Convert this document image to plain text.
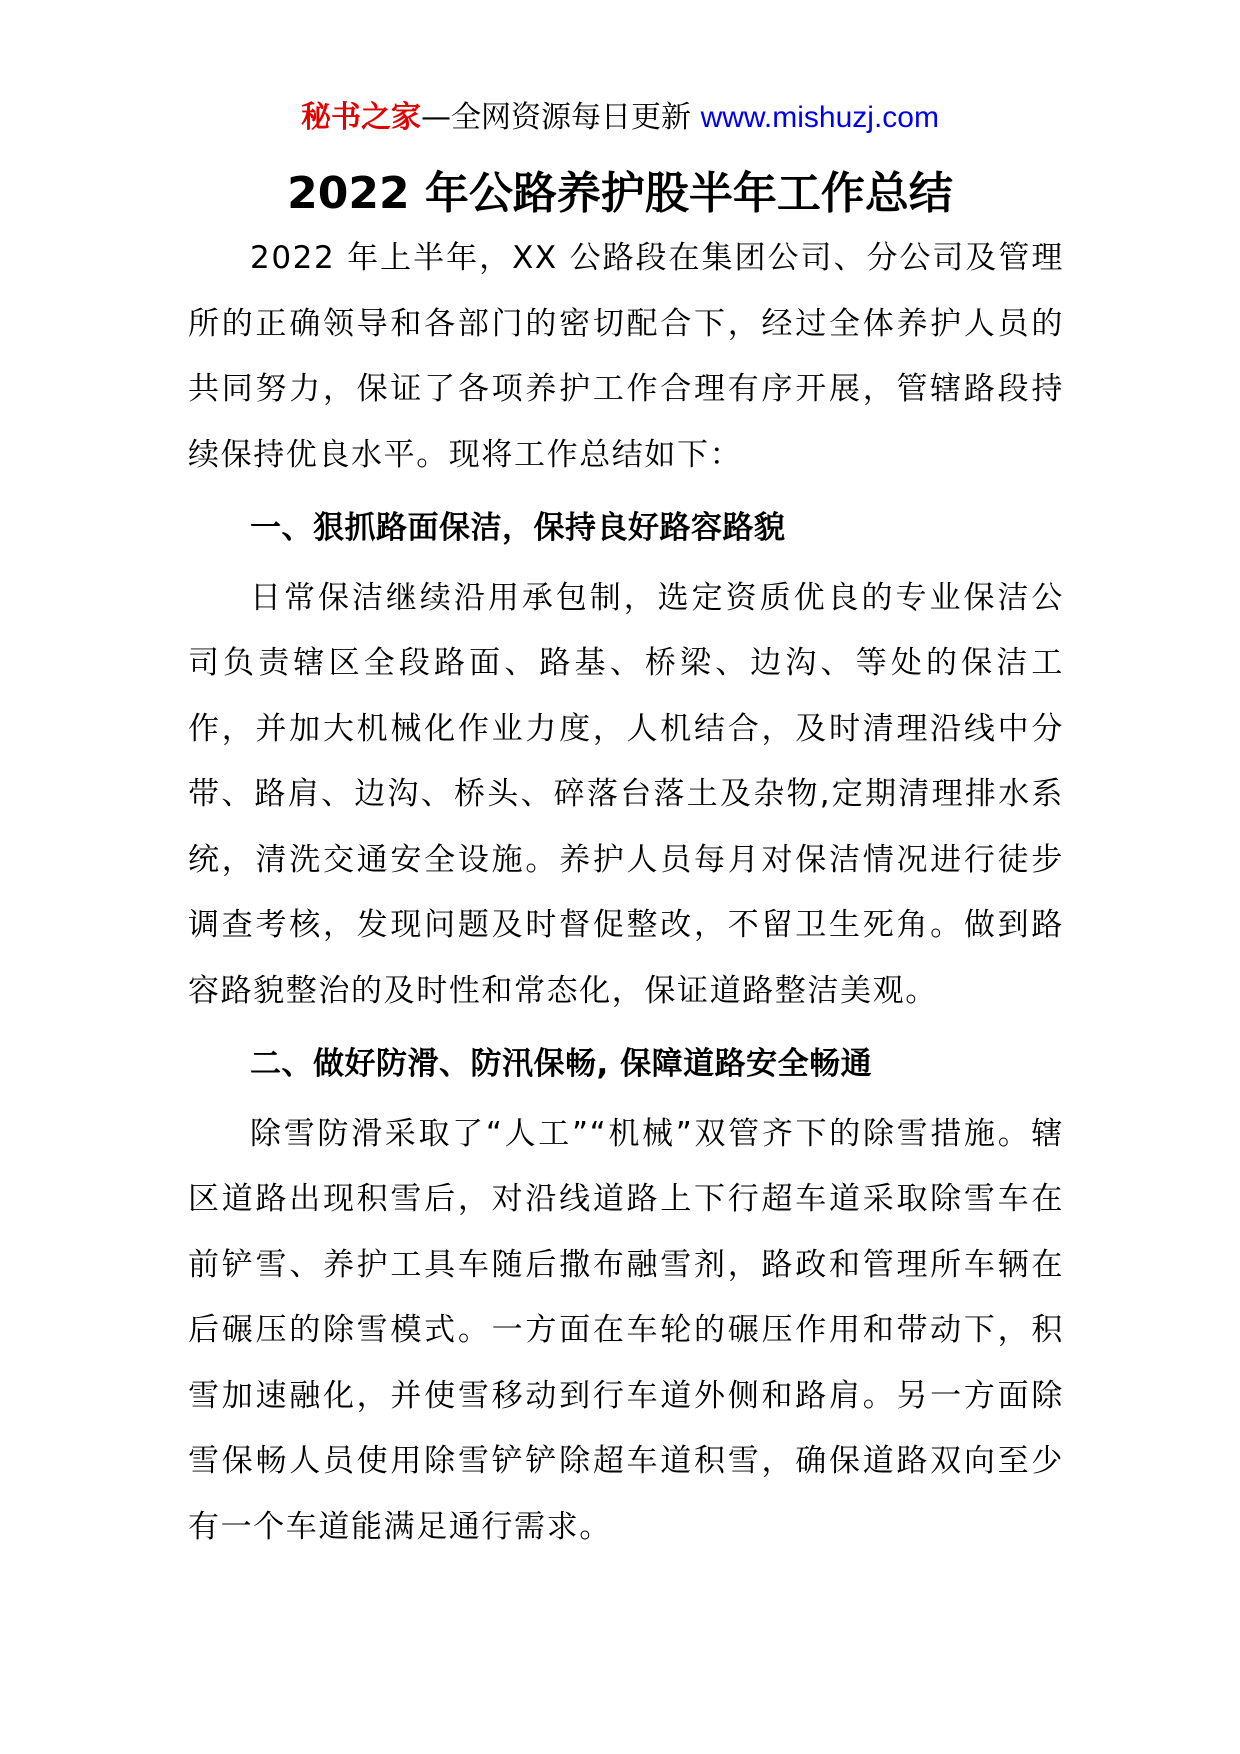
秘书之家—全网资源每日更新 www.mishuzj.com
2022 年公路养护股半年工作总结

2022 年上半年，XX 公路段在集团公司、分公司及管理所的正确领导和各部门的密切配合下，经过全体养护人员的共同努力，保证了各项养护工作合理有序开展，管辖路段持续保持优良水平。现将工作总结如下：

一、狠抓路面保洁，保持良好路容路貌

日常保洁继续沿用承包制，选定资质优良的专业保洁公司负责辖区全段路面、路基、桥梁、边沟、等处的保洁工作，并加大机械化作业力度，人机结合，及时清理沿线中分带、路肩、边沟、桥头、碎落台落土及杂物,定期清理排水系统，清洗交通安全设施。养护人员每月对保洁情况进行徒步调查考核，发现问题及时督促整改，不留卫生死角。做到路容路貌整治的及时性和常态化，保证道路整洁美观。

二、做好防滑、防汛保畅, 保障道路安全畅通

除雪防滑采取了“人工”“机械”双管齐下的除雪措施。辖区道路出现积雪后，对沿线道路上下行超车道采取除雪车在前铲雪、养护工具车随后撒布融雪剂，路政和管理所车辆在后碾压的除雪模式。一方面在车轮的碾压作用和带动下，积雪加速融化，并使雪移动到行车道外侧和路肩。另一方面除雪保畅人员使用除雪铲铲除超车道积雪，确保道路双向至少有一个车道能满足通行需求。
